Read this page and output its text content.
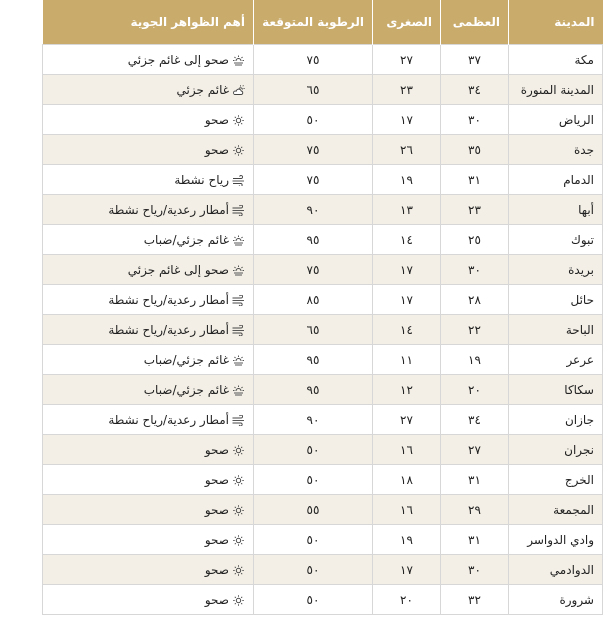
المدينة	العظمى	الصغرى	الرطوبة المتوقعة	أهم الظواهر الجوية
مكة	٣٧	٢٧	٧٥	صحو إلى غائم جزئي
المدينة المنورة	٣٤	٢٣	٦٥	غائم جزئي
الرياض	٣٠	١٧	٥٠	صحو
جدة	٣٥	٢٦	٧٥	صحو
الدمام	٣١	١٩	٧٥	رياح نشطة
أبها	٢٣	١٣	٩٠	أمطار رعدية/رياح نشطة
تبوك	٢٥	١٤	٩٥	غائم جزئي/ضباب
بريدة	٣٠	١٧	٧٥	صحو إلى غائم جزئي
حائل	٢٨	١٧	٨٥	أمطار رعدية/رياح نشطة
الباحة	٢٢	١٤	٦٥	أمطار رعدية/رياح نشطة
عرعر	١٩	١١	٩٥	غائم جزئي/ضباب
سكاكا	٢٠	١٢	٩٥	غائم جزئي/ضباب
جازان	٣٤	٢٧	٩٠	أمطار رعدية/رياح نشطة
نجران	٢٧	١٦	٥٠	صحو
الخرج	٣١	١٨	٥٠	صحو
المجمعة	٢٩	١٦	٥٥	صحو
وادي الدواسر	٣١	١٩	٥٠	صحو
الدوادمي	٣٠	١٧	٥٠	صحو
شرورة	٣٢	٢٠	٥٠	صحو
